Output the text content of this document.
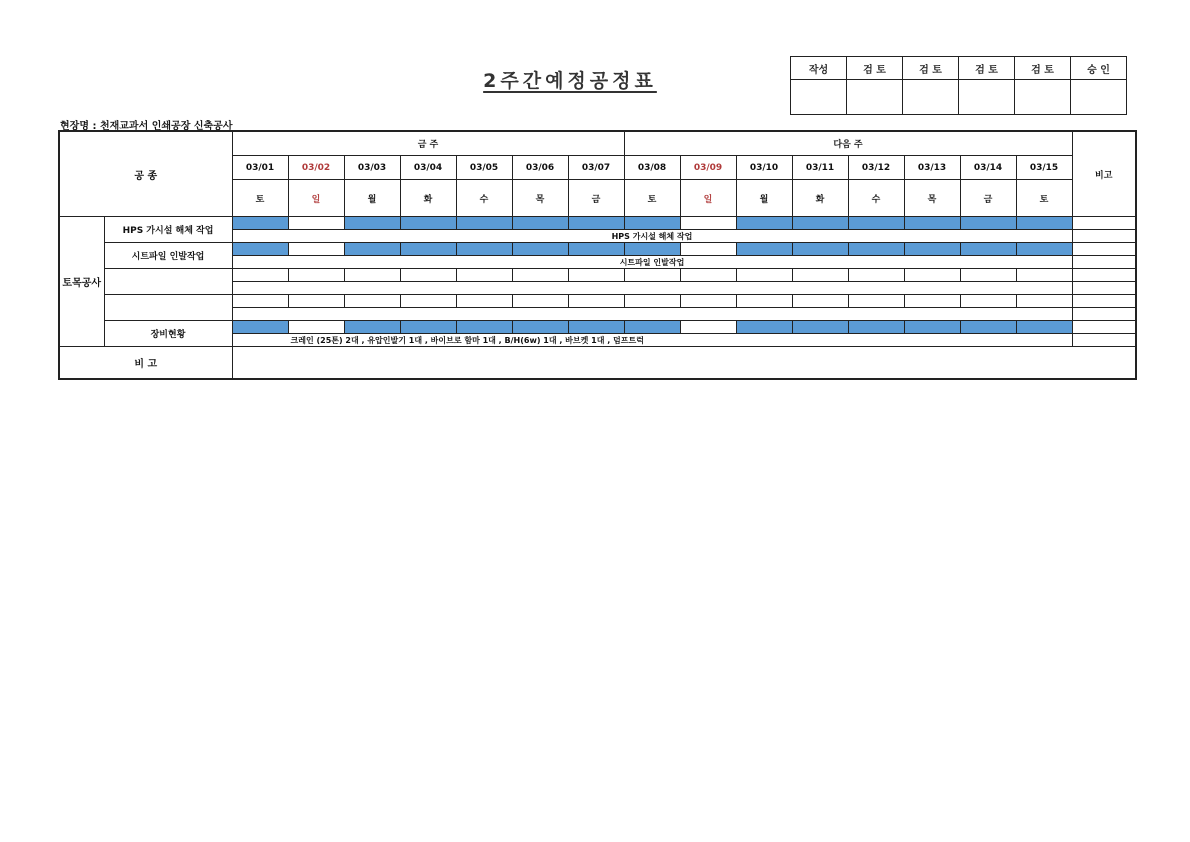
2주간예정공정표	작성	검 토	검 토	검 토	검 토	승 인

현장명 : 천재교과서 인쇄공장 신축공사
공 종		금 주							다음 주								비고
		03/01	03/02	03/03	03/04	03/05	03/06	03/07	03/08	03/09	03/10	03/11	03/12	03/13	03/14	03/15	
		토	일	월	화	수	목	금	토	일	월	화	수	목	금	토	
토목공사	HPS 가시설 해체 작업																
		HPS 가시설 해체 작업															
	시트파일 인발작업																
		시트파일 인발작업															

	장비현황																
		크레인 (25톤) 2대 , 유압인발기 1대 , 바이브로 함마 1대 , B/H(6w) 1대 , 바브켓 1대 , 덤프트럭															
비 고																	
